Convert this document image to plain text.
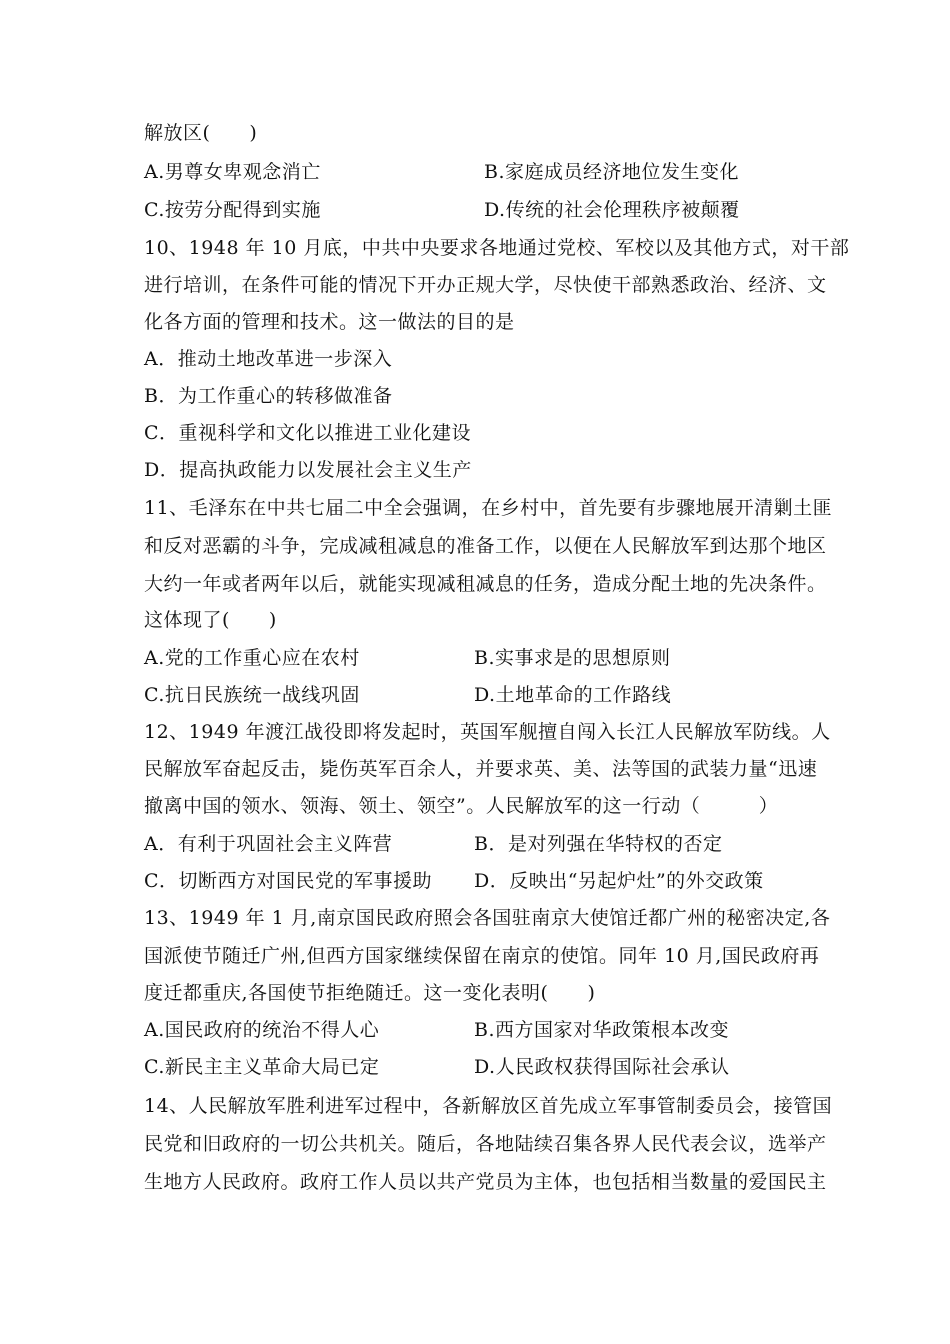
解放区(　　)
A.男尊女卑观念消亡	B.家庭成员经济地位发生变化
C.按劳分配得到实施	D.传统的社会伦理秩序被颠覆
10、1948 年 10 月底，中共中央要求各地通过党校、军校以及其他方式，对干部
进行培训，在条件可能的情况下开办正规大学，尽快使干部熟悉政治、经济、文
化各方面的管理和技术。这一做法的目的是
A．推动土地改革进一步深入
B．为工作重心的转移做准备
C．重视科学和文化以推进工业化建设
D．提高执政能力以发展社会主义生产
11、毛泽东在中共七届二中全会强调，在乡村中，首先要有步骤地展开清剿土匪
和反对恶霸的斗争，完成减租减息的准备工作，以便在人民解放军到达那个地区
大约一年或者两年以后，就能实现减租减息的任务，造成分配土地的先决条件。
这体现了(　　)
A.党的工作重心应在农村	B.实事求是的思想原则
C.抗日民族统一战线巩固	D.土地革命的工作路线
12、1949 年渡江战役即将发起时，英国军舰擅自闯入长江人民解放军防线。人
民解放军奋起反击，毙伤英军百余人，并要求英、美、法等国的武装力量“迅速
撤离中国的领水、领海、领土、领空”。人民解放军的这一行动（　　　）
A．有利于巩固社会主义阵营	B．是对列强在华特权的否定
C．切断西方对国民党的军事援助 D．反映出“另起炉灶”的外交政策
13、1949 年 1 月,南京国民政府照会各国驻南京大使馆迁都广州的秘密决定,各
国派使节随迁广州,但西方国家继续保留在南京的使馆。同年 10 月,国民政府再
度迁都重庆,各国使节拒绝随迁。这一变化表明(　　)
A.国民政府的统治不得人心	B.西方国家对华政策根本改变
C.新民主主义革命大局已定	D.人民政权获得国际社会承认
14、人民解放军胜利进军过程中，各新解放区首先成立军事管制委员会，接管国
民党和旧政府的一切公共机关。随后，各地陆续召集各界人民代表会议，选举产
生地方人民政府。政府工作人员以共产党员为主体，也包括相当数量的爱国民主
